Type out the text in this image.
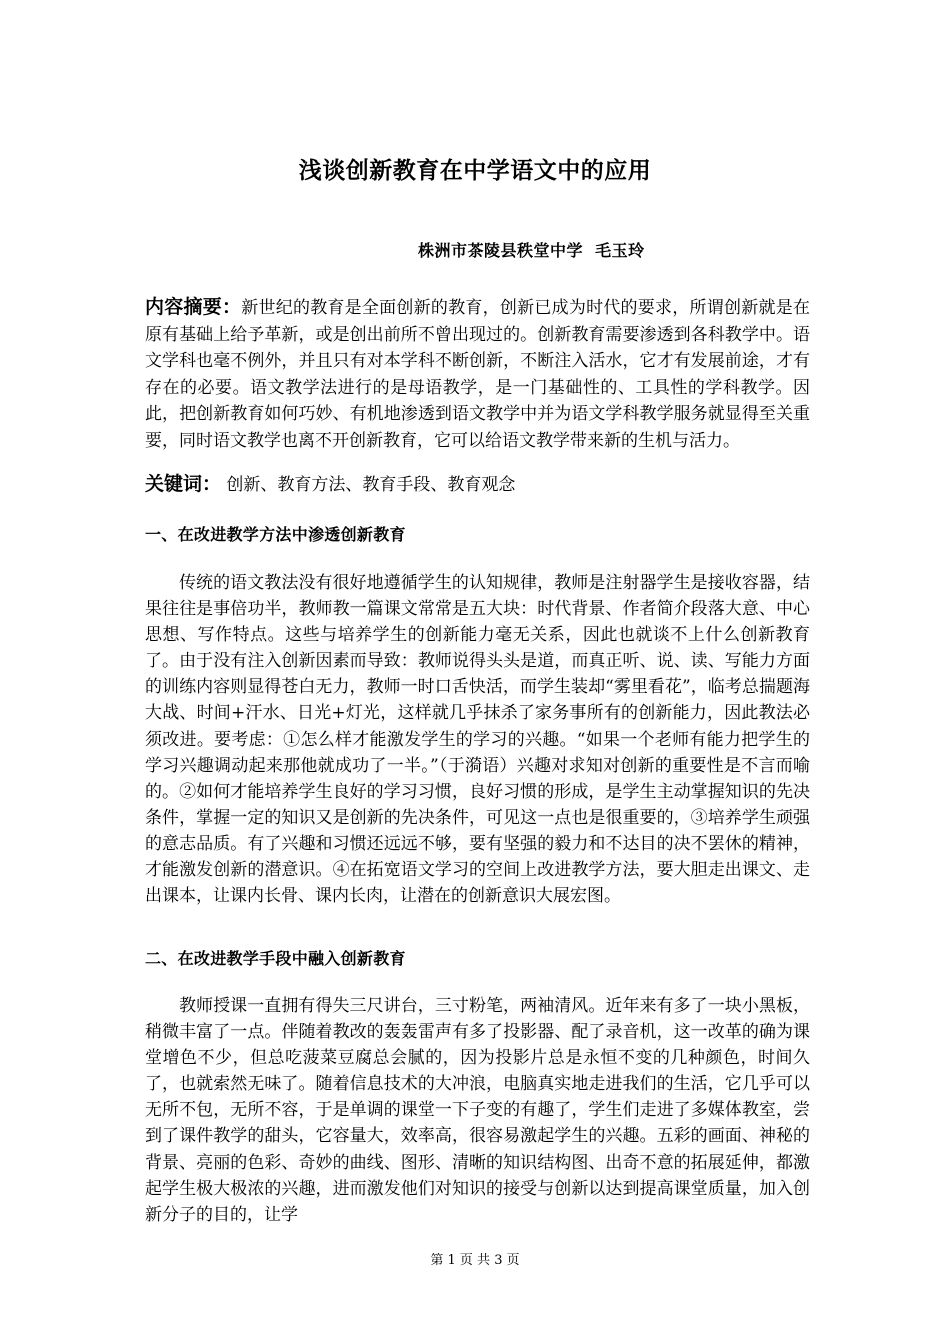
浅谈创新教育在中学语文中的应用
株洲市茶陵县秩堂中学  毛玉玲
内容摘要：新世纪的教育是全面创新的教育，创新已成为时代的要求，所谓创新就是在原有基础上给予革新，或是创出前所不曾出现过的。创新教育需要渗透到各科教学中。语文学科也毫不例外，并且只有对本学科不断创新，不断注入活水，它才有发展前途，才有存在的必要。语文教学法进行的是母语教学，是一门基础性的、工具性的学科教学。因此，把创新教育如何巧妙、有机地渗透到语文教学中并为语文学科教学服务就显得至关重要，同时语文教学也离不开创新教育，它可以给语文教学带来新的生机与活力。
关键词： 创新、教育方法、教育手段、教育观念
一、在改进教学方法中渗透创新教育
传统的语文教法没有很好地遵循学生的认知规律，教师是注射器学生是接收容器，结果往往是事倍功半，教师教一篇课文常常是五大块：时代背景、作者简介段落大意、中心思想、写作特点。这些与培养学生的创新能力毫无关系，因此也就谈不上什么创新教育了。由于没有注入创新因素而导致：教师说得头头是道，而真正听、说、读、写能力方面的训练内容则显得苍白无力，教师一时口舌快活，而学生装却“雾里看花”，临考总揣题海大战、时间+汗水、日光+灯光，这样就几乎抹杀了家务事所有的创新能力，因此教法必须改进。要考虑：①怎么样才能激发学生的学习的兴趣。“如果一个老师有能力把学生的学习兴趣调动起来那他就成功了一半。”（于漪语）兴趣对求知对创新的重要性是不言而喻的。②如何才能培养学生良好的学习习惯，良好习惯的形成，是学生主动掌握知识的先决条件，掌握一定的知识又是创新的先决条件，可见这一点也是很重要的，③培养学生顽强的意志品质。有了兴趣和习惯还远远不够，要有坚强的毅力和不达目的决不罢休的精神，才能激发创新的潜意识。④在拓宽语文学习的空间上改进教学方法，要大胆走出课文、走出课本，让课内长骨、课内长肉，让潜在的创新意识大展宏图。
二、在改进教学手段中融入创新教育
教师授课一直拥有得失三尺讲台，三寸粉笔，两袖清风。近年来有多了一块小黑板，稍微丰富了一点。伴随着教改的轰轰雷声有多了投影器、配了录音机，这一改革的确为课堂增色不少，但总吃菠菜豆腐总会腻的，因为投影片总是永恒不变的几种颜色，时间久了，也就索然无味了。随着信息技术的大冲浪，电脑真实地走进我们的生活，它几乎可以无所不包，无所不容，于是单调的课堂一下子变的有趣了，学生们走进了多媒体教室，尝到了课件教学的甜头，它容量大，效率高，很容易激起学生的兴趣。五彩的画面、神秘的背景、亮丽的色彩、奇妙的曲线、图形、清晰的知识结构图、出奇不意的拓展延伸，都激起学生极大极浓的兴趣，进而激发他们对知识的接受与创新以达到提高课堂质量，加入创新分子的目的，让学
第 1 页 共 3 页
